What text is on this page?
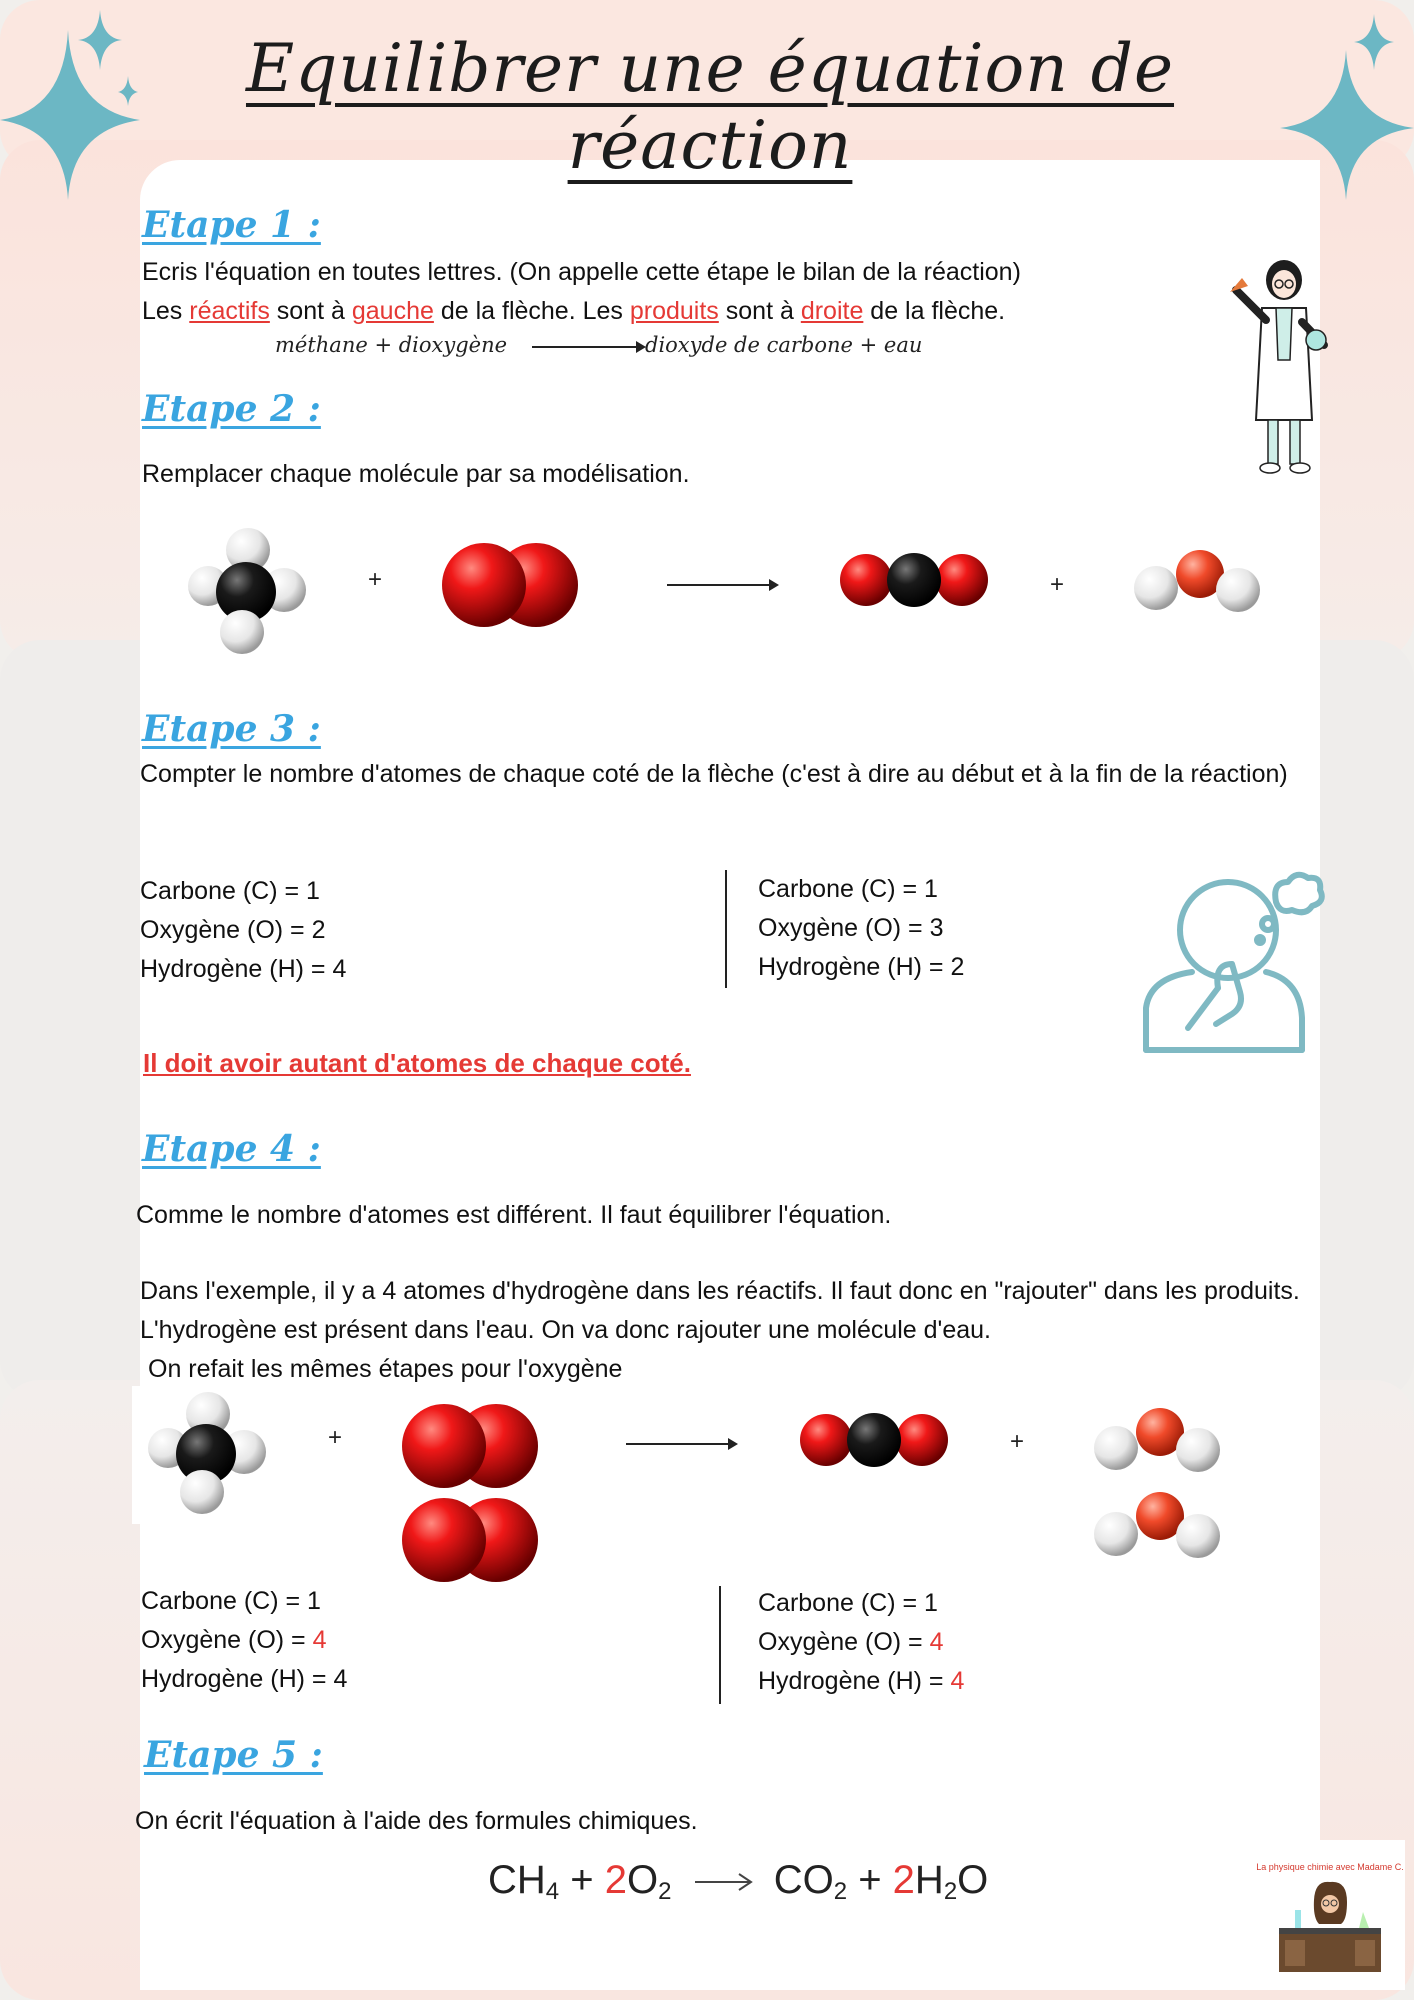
Equilibrer une équation de réaction
Etape 1 :
Ecris l'équation en toutes lettres. (On appelle cette étape le bilan de la réaction)
Les réactifs sont à gauche de la flèche. Les produits sont à droite de la flèche.
méthane + dioxygène	dioxyde de carbone + eau
Etape 2 :
Remplacer chaque molécule par sa modélisation.
+	+
Etape 3 :
Compter le nombre d'atomes de chaque coté de la flèche (c'est à dire au début et à la fin de la réaction)
Carbone (C) = 1
Oxygène (O) = 2
Hydrogène (H) = 4
Carbone (C) = 1
Oxygène (O) = 3
Hydrogène (H) = 2
Il doit avoir autant d'atomes de chaque coté.
Etape 4 :
Comme le nombre d'atomes est différent. Il faut équilibrer l'équation.
Dans l'exemple, il y a 4 atomes d'hydrogène dans les réactifs. Il faut donc en "rajouter" dans les produits. L'hydrogène est présent dans l'eau. On va donc rajouter une molécule d'eau.
On refait les mêmes étapes pour l'oxygène
+	+
Carbone (C) = 1
Oxygène (O) = 4
Hydrogène (H) = 4
Carbone (C) = 1
Oxygène (O) = 4
Hydrogène (H) = 4
Etape 5 :
On écrit l'équation à l'aide des formules chimiques.
$CH_4 + 2O_2$	$CO_2 + 2H_2O$	La physique chimie avec Madame C.
